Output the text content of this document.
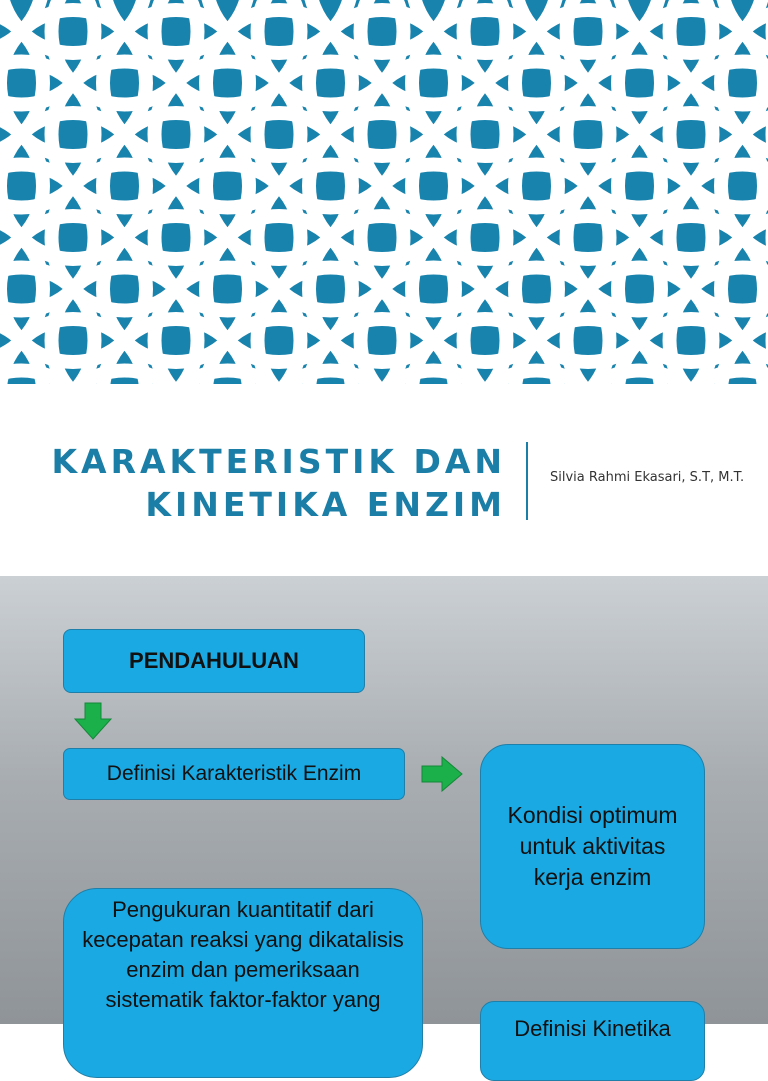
KARAKTERISTIK DAN
KINETIKA ENZIM
Silvia Rahmi Ekasari, S.T, M.T.
PENDAHULUAN
Definisi Karakteristik Enzim
Kondisi optimum untuk aktivitas kerja enzim
Pengukuran kuantitatif dari kecepatan reaksi yang dikatalisis enzim dan pemeriksaan sistematik faktor-faktor yang
Definisi Kinetika
